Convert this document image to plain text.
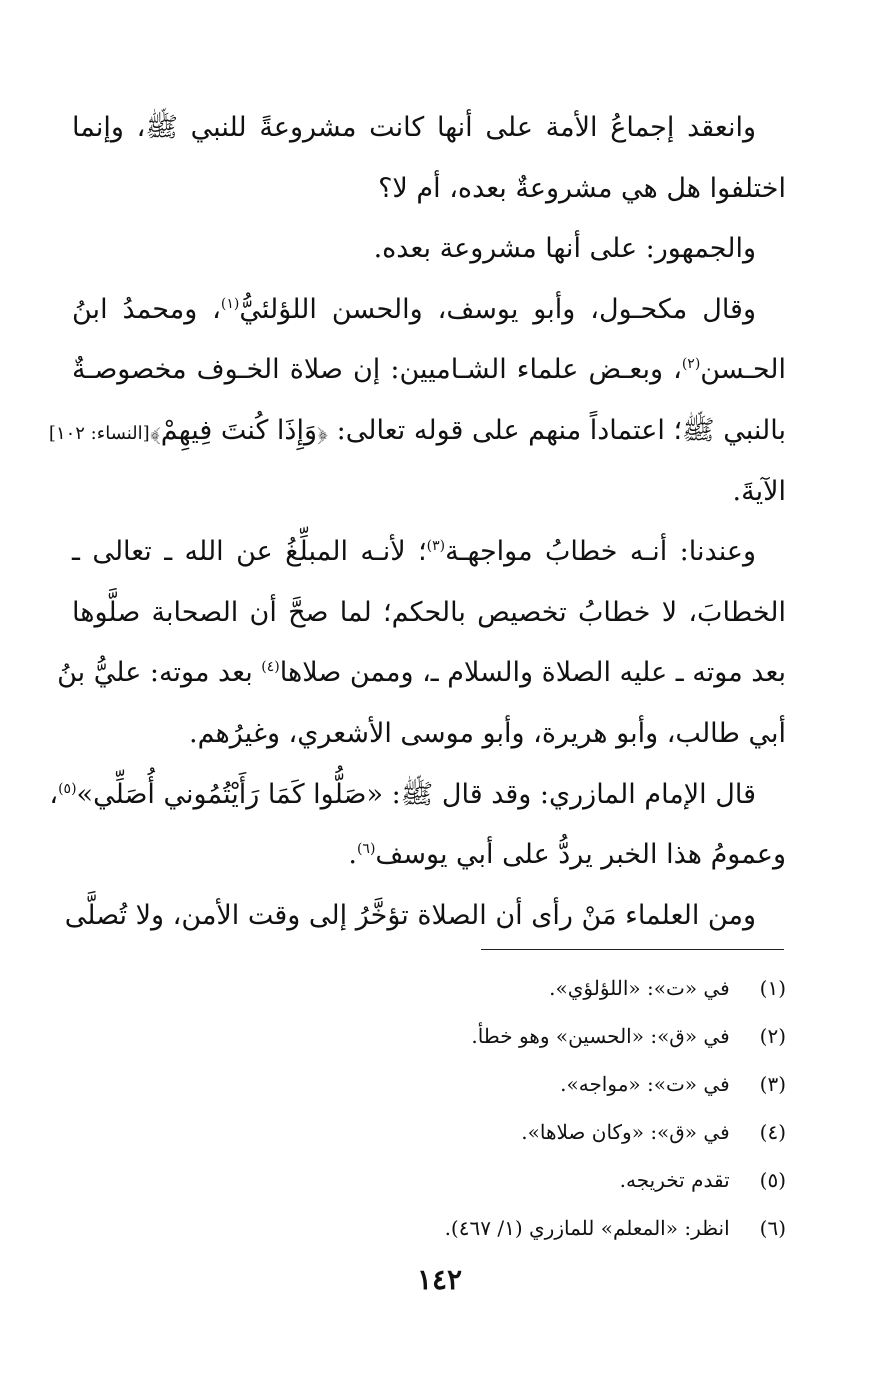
وانعقد إجماعُ الأمة على أنها كانت مشروعةً للنبي ﷺ، وإنما
اختلفوا هل هي مشروعةٌ بعده، أم لا؟
والجمهور: على أنها مشروعة بعده.
وقال مكحـول، وأبو يوسف، والحسن اللؤلئيُّ$^{(١)}$، ومحمدُ ابنُ
الحـسن$^{(٢)}$، وبعـض علماء الشـاميين: إن صلاة الخـوف مخصوصـةٌ
بالنبي ﷺ؛ اعتماداً منهم على قوله تعالى: ﴿وَإِذَا كُنتَ فِيهِمْ﴾[النساء: ١٠٢]
الآيةَ.
وعندنا: أنـه خطابُ مواجهـة$^{(٣)}$؛ لأنـه المبلِّغُ عن الله ـ تعالى ـ
الخطابَ، لا خطابُ تخصيص بالحكم؛ لما صحَّ أن الصحابة صلَّوها
بعد موته ـ عليه الصلاة والسلام ـ، وممن صلاها$^{(٤)}$ بعد موته: عليُّ بنُ
أبي طالب، وأبو هريرة، وأبو موسى الأشعري، وغيرُهم.
قال الإمام المازري: وقد قال ﷺ: «صَلُّوا كَمَا رَأَيْتُمُوني أُصَلِّي»$^{(٥)}$،
وعمومُ هذا الخبر يردُّ على أبي يوسف$^{(٦)}$.
ومن العلماء مَنْ رأى أن الصلاة تؤخَّرُ إلى وقت الأمن، ولا تُصلَّى
(١) في «ت»: «اللؤلؤي».
(٢) في «ق»: «الحسين» وهو خطأ.
(٣) في «ت»: «مواجه».
(٤) في «ق»: «وكان صلاها».
(٥) تقدم تخريجه.
(٦) انظر: «المعلم» للمازري (١/ ٤٦٧).
١٤٢
